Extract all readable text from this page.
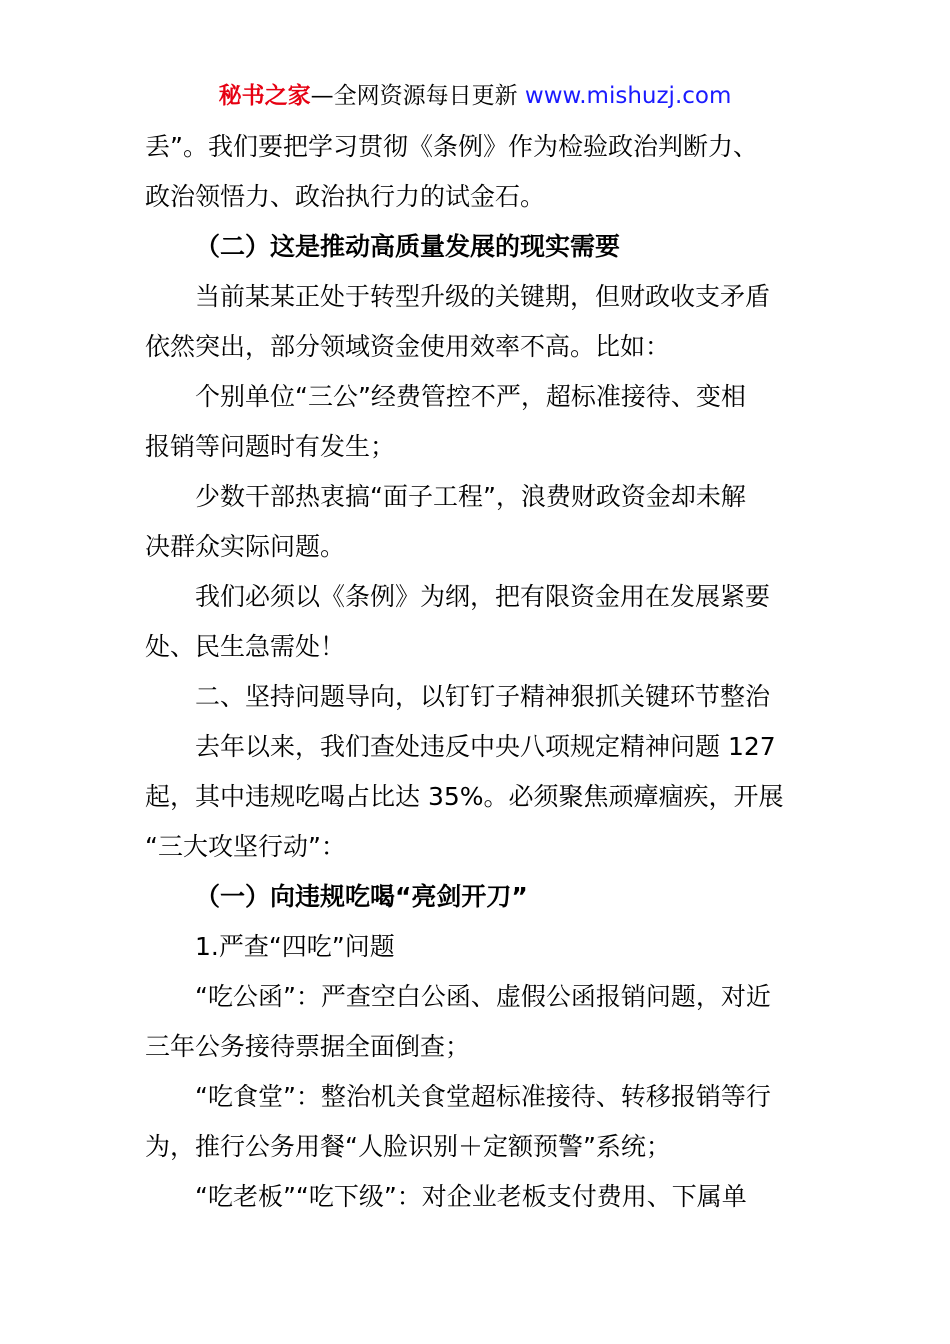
秘书之家—全网资源每日更新 www.mishuzj.com
丢”。我们要把学习贯彻《条例》作为检验政治判断力、
政治领悟力、政治执行力的试金石。
（二）这是推动高质量发展的现实需要
当前某某正处于转型升级的关键期，但财政收支矛盾
依然突出，部分领域资金使用效率不高。比如：
个别单位“三公”经费管控不严，超标准接待、变相
报销等问题时有发生；
少数干部热衷搞“面子工程”，浪费财政资金却未解
决群众实际问题。
我们必须以《条例》为纲，把有限资金用在发展紧要
处、民生急需处！
二、坚持问题导向，以钉钉子精神狠抓关键环节整治
去年以来，我们查处违反中央八项规定精神问题 127
起，其中违规吃喝占比达 35%。必须聚焦顽瘴痼疾，开展
“三大攻坚行动”：
（一）向违规吃喝“亮剑开刀”
1.严查“四吃”问题
“吃公函”：严查空白公函、虚假公函报销问题，对近
三年公务接待票据全面倒查；
“吃食堂”：整治机关食堂超标准接待、转移报销等行
为，推行公务用餐“人脸识别＋定额预警”系统；
“吃老板”“吃下级”：对企业老板支付费用、下属单
